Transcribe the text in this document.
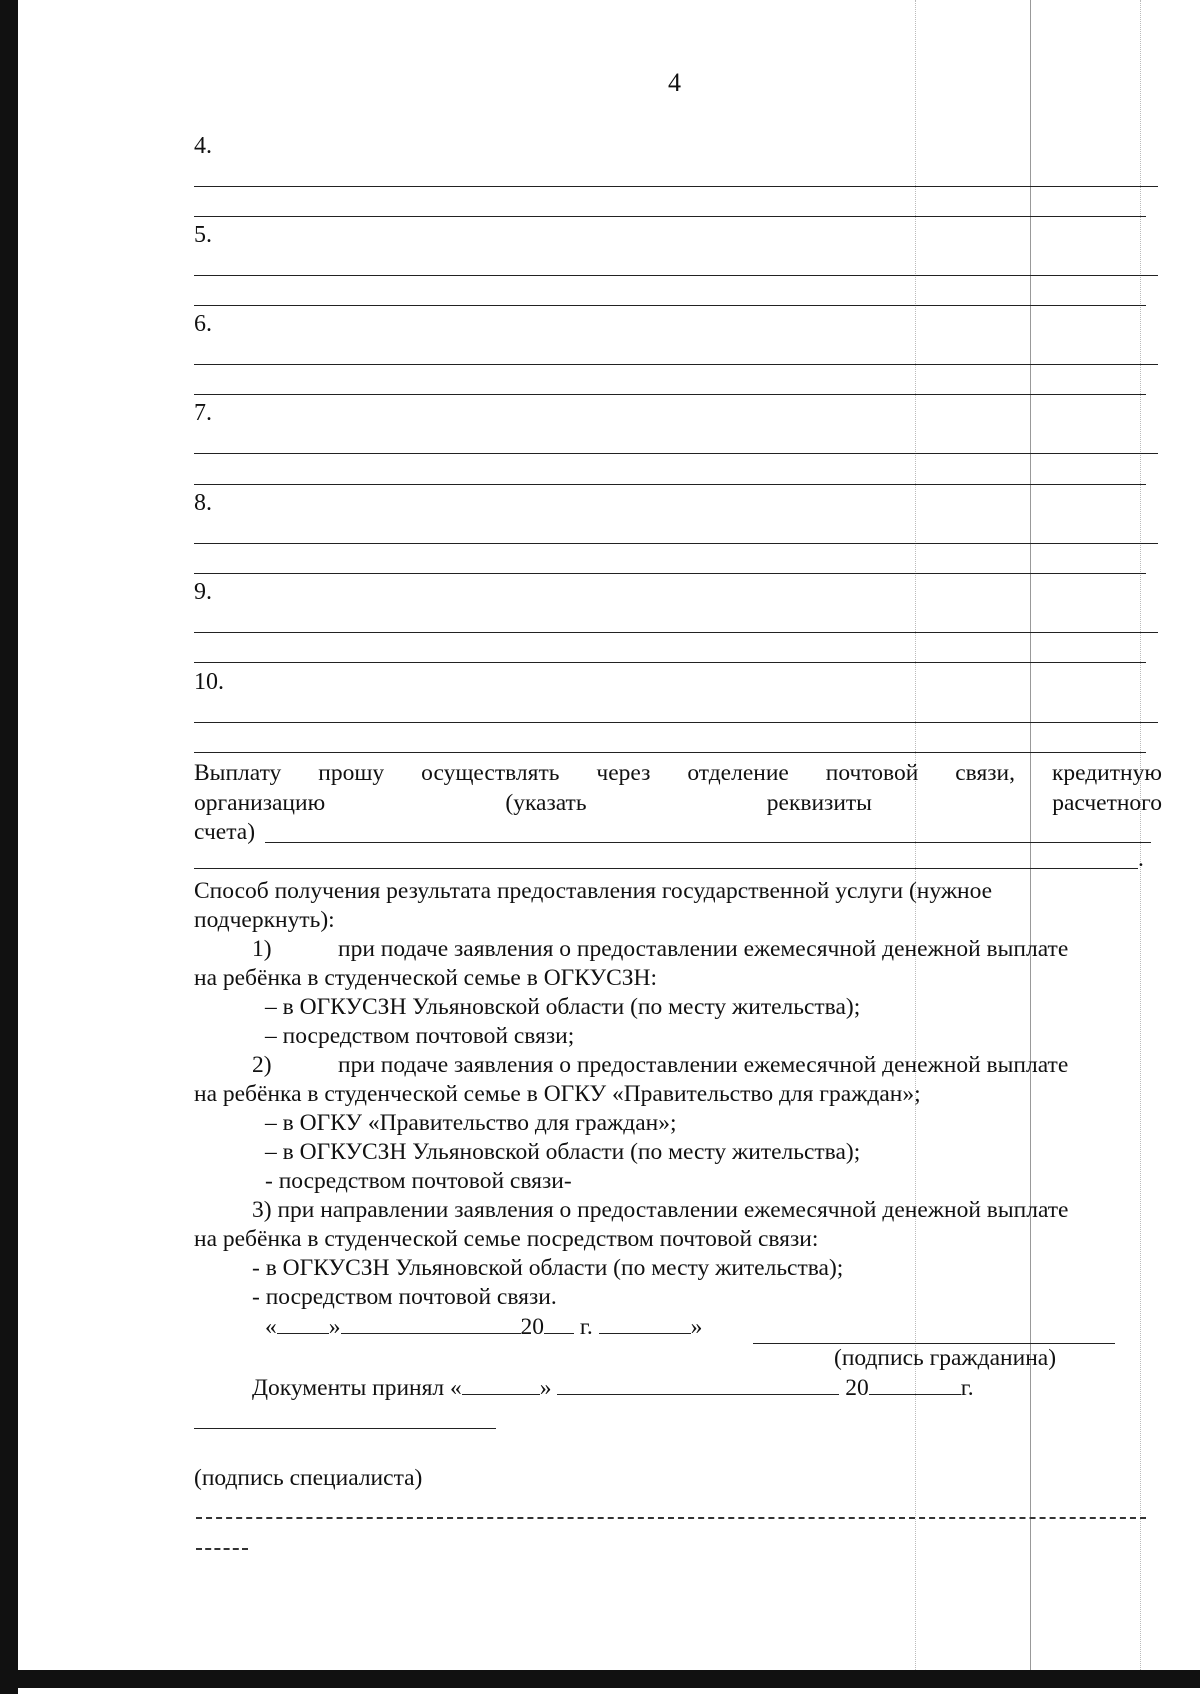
4
4.
5.
6.
7.
8.
9.
10.
Выплату прошу осуществлять через отделение почтовой связи, кредитную
организацию	(указать	реквизиты	расчетного
счета)
.
Способ получения результата предоставления государственной услуги (нужное
подчеркнуть):
1)	при подаче заявления о предоставлении ежемесячной денежной выплате
на ребёнка в студенческой семье в ОГКУСЗН:
– в ОГКУСЗН Ульяновской области (по месту жительства);
– посредством почтовой связи;
2)	при подаче заявления о предоставлении ежемесячной денежной выплате
на ребёнка в студенческой семье в ОГКУ «Правительство для граждан»;
– в ОГКУ «Правительство для граждан»;
– в ОГКУСЗН Ульяновской области (по месту жительства);
- посредством почтовой связи-
3) при направлении заявления о предоставлении ежемесячной денежной выплате
на ребёнка в студенческой семье посредством почтовой связи:
- в ОГКУСЗН Ульяновской области (по месту жительства);
- посредством почтовой связи.
« »	20 г.	»
(подпись гражданина)
Документы принял «	»	20	г.
(подпись специалиста)
